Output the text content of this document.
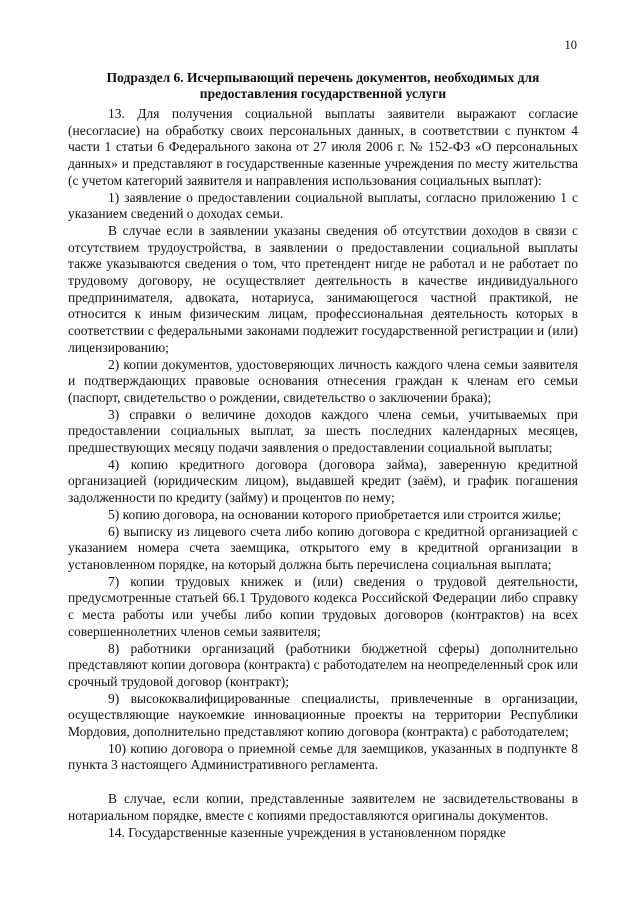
10
Подраздел 6. Исчерпывающий перечень документов, необходимых для
предоставления государственной услуги

13. Для получения социальной выплаты заявители выражают согласие (несогласие) на обработку своих персональных данных, в соответствии с пунктом 4 части 1 статьи 6 Федерального закона от 27 июля 2006 г. № 152-ФЗ «О персональных данных» и представляют в государственные казенные учреждения по месту жительства (с учетом категорий заявителя и направления использования социальных выплат):

1) заявление о предоставлении социальной выплаты, согласно приложению 1 с указанием сведений о доходах семьи.

В случае если в заявлении указаны сведения об отсутствии доходов в связи с отсутствием трудоустройства, в заявлении о предоставлении социальной выплаты также указываются сведения о том, что претендент нигде не работал и не работает по трудовому договору, не осуществляет деятельность в качестве индивидуального предпринимателя, адвоката, нотариуса, занимающегося частной практикой, не относится к иным физическим лицам, профессиональная деятельность которых в соответствии с федеральными законами подлежит государственной регистрации и (или) лицензированию;

2) копии документов, удостоверяющих личность каждого члена семьи заявителя и подтверждающих правовые основания отнесения граждан к членам его семьи (паспорт, свидетельство о рождении, свидетельство о заключении брака);

3) справки о величине доходов каждого члена семьи, учитываемых при предоставлении социальных выплат, за шесть последних календарных месяцев, предшествующих месяцу подачи заявления о предоставлении социальной выплаты;

4) копию кредитного договора (договора займа), заверенную кредитной организацией (юридическим лицом), выдавшей кредит (заём), и график погашения задолженности по кредиту (займу) и процентов по нему;

5) копию договора, на основании которого приобретается или строится жилье;

6) выписку из лицевого счета либо копию договора с кредитной организацией с указанием номера счета заемщика, открытого ему в кредитной организации в установленном порядке, на который должна быть перечислена социальная выплата;

7) копии трудовых книжек и (или) сведения о трудовой деятельности, предусмотренные статьей 66.1 Трудового кодекса Российской Федерации либо справку с места работы или учебы либо копии трудовых договоров (контрактов) на всех совершеннолетних членов семьи заявителя;

8) работники организаций (работники бюджетной сферы) дополнительно представляют копии договора (контракта) с работодателем на неопределенный срок или срочный трудовой договор (контракт);

9) высококвалифицированные специалисты, привлеченные в организации, осуществляющие наукоемкие инновационные проекты на территории Республики Мордовия, дополнительно представляют копию договора (контракта) с работодателем;

10) копию договора о приемной семье для заемщиков, указанных в подпункте 8 пункта 3 настоящего Административного регламента.

В случае, если копии, представленные заявителем не засвидетельствованы в нотариальном порядке, вместе с копиями предоставляются оригиналы документов.

14. Государственные казенные учреждения в установленном порядке
